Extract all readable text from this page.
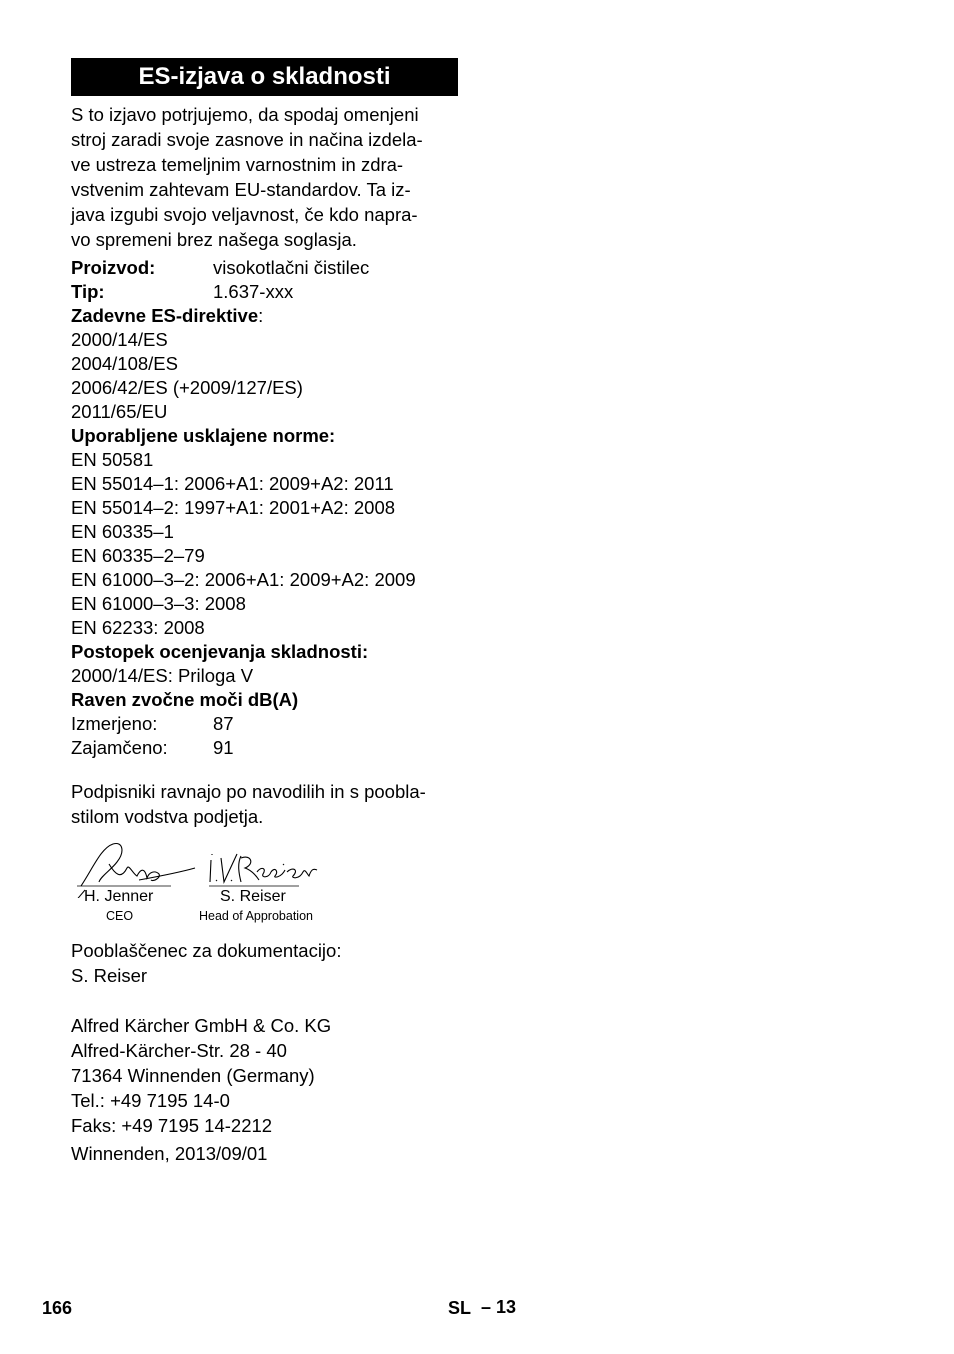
ES-izjava o skladnosti
S to izjavo potrjujemo, da spodaj omenjeni
stroj zaradi svoje zasnove in načina izdela-
ve ustreza temeljnim varnostnim in zdra-
vstvenim zahtevam EU-standardov. Ta iz-
java izgubi svojo veljavnost, če kdo napra-
vo spremeni brez našega soglasja.
Proizvod:	visokotlačni čistilec
Tip:	1.637-xxx
Zadevne ES-direktive:
2000/14/ES
2004/108/ES
2006/42/ES (+2009/127/ES)
2011/65/EU
Uporabljene usklajene norme:
EN 50581
EN 55014–1: 2006+A1: 2009+A2: 2011
EN 55014–2: 1997+A1: 2001+A2: 2008
EN 60335–1
EN 60335–2–79
EN 61000–3–2: 2006+A1: 2009+A2: 2009
EN 61000–3–3: 2008
EN 62233: 2008
Postopek ocenjevanja skladnosti:
2000/14/ES: Priloga V
Raven zvočne moči dB(A)
Izmerjeno:	87
Zajamčeno: 91
Podpisniki ravnajo po navodilih in s poobla-
stilom vodstva podjetja.
H. Jenner
CEO
S. Reiser
Head of Approbation
Pooblaščenec za dokumentacijo:
S. Reiser
Alfred Kärcher GmbH & Co. KG
Alfred-Kärcher-Str. 28 - 40
71364 Winnenden (Germany)
Tel.: +49 7195 14-0
Faks: +49 7195 14-2212
Winnenden, 2013/09/01
166	SL – 13
